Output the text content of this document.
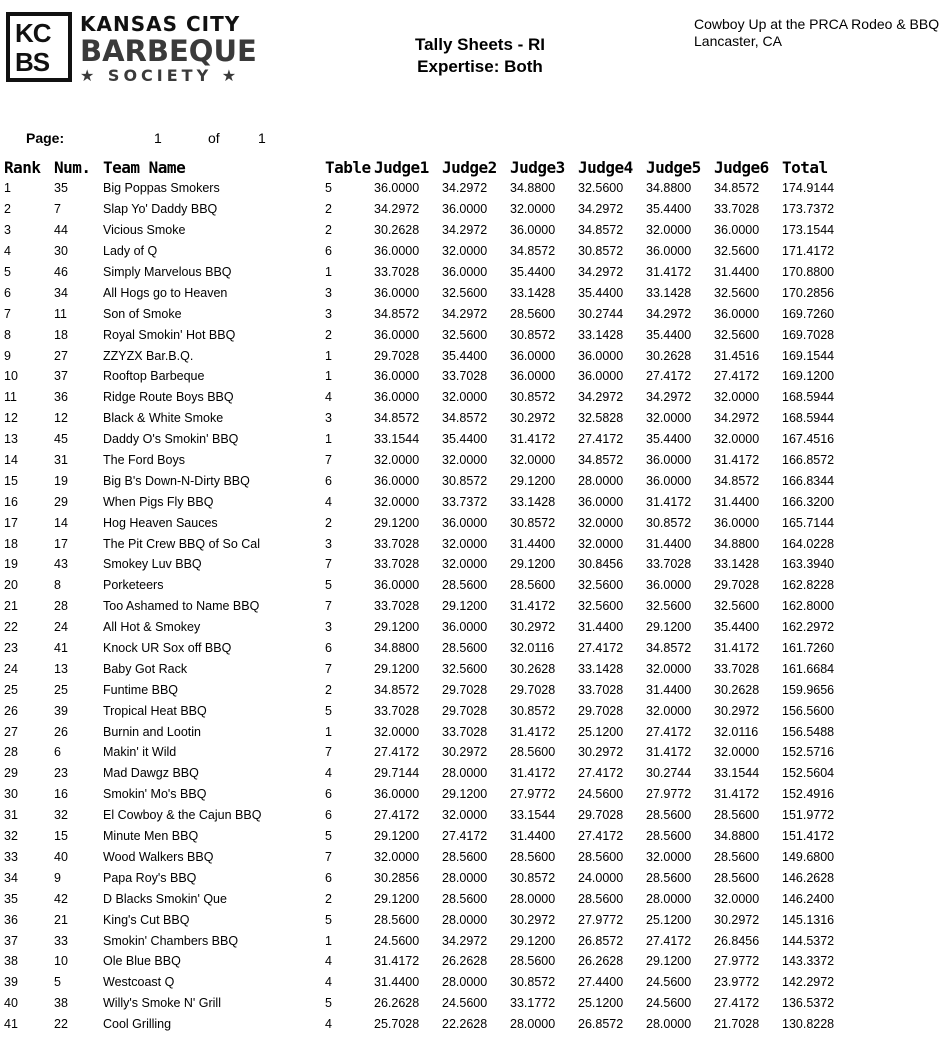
KC
BS
KANSAS CITY
BARBEQUE
★ SOCIETY ★
Tally Sheets - RI
Expertise: Both
Cowboy Up at the PRCA Rodeo & BBQ
Lancaster, CA
Page:	1	of	1
Rank	Num.	Team Name	Table	Judge1	Judge2	Judge3	Judge4	Judge5	Judge6	Total
1	35	Big Poppas Smokers	5	36.0000	34.2972	34.8800	32.5600	34.8800	34.8572	174.9144
2	7	Slap Yo' Daddy BBQ	2	34.2972	36.0000	32.0000	34.2972	35.4400	33.7028	173.7372
3	44	Vicious Smoke	2	30.2628	34.2972	36.0000	34.8572	32.0000	36.0000	173.1544
4	30	Lady of Q	6	36.0000	32.0000	34.8572	30.8572	36.0000	32.5600	171.4172
5	46	Simply Marvelous BBQ	1	33.7028	36.0000	35.4400	34.2972	31.4172	31.4400	170.8800
6	34	All Hogs go to Heaven	3	36.0000	32.5600	33.1428	35.4400	33.1428	32.5600	170.2856
7	11	Son of Smoke	3	34.8572	34.2972	28.5600	30.2744	34.2972	36.0000	169.7260
8	18	Royal Smokin' Hot BBQ	2	36.0000	32.5600	30.8572	33.1428	35.4400	32.5600	169.7028
9	27	ZZYZX Bar.B.Q.	1	29.7028	35.4400	36.0000	36.0000	30.2628	31.4516	169.1544
10	37	Rooftop Barbeque	1	36.0000	33.7028	36.0000	36.0000	27.4172	27.4172	169.1200
11	36	Ridge Route Boys BBQ	4	36.0000	32.0000	30.8572	34.2972	34.2972	32.0000	168.5944
12	12	Black & White Smoke	3	34.8572	34.8572	30.2972	32.5828	32.0000	34.2972	168.5944
13	45	Daddy O's Smokin' BBQ	1	33.1544	35.4400	31.4172	27.4172	35.4400	32.0000	167.4516
14	31	The Ford Boys	7	32.0000	32.0000	32.0000	34.8572	36.0000	31.4172	166.8572
15	19	Big B's Down-N-Dirty BBQ	6	36.0000	30.8572	29.1200	28.0000	36.0000	34.8572	166.8344
16	29	When Pigs Fly BBQ	4	32.0000	33.7372	33.1428	36.0000	31.4172	31.4400	166.3200
17	14	Hog Heaven Sauces	2	29.1200	36.0000	30.8572	32.0000	30.8572	36.0000	165.7144
18	17	The Pit Crew BBQ of So Cal	3	33.7028	32.0000	31.4400	32.0000	31.4400	34.8800	164.0228
19	43	Smokey Luv BBQ	7	33.7028	32.0000	29.1200	30.8456	33.7028	33.1428	163.3940
20	8	Porketeers	5	36.0000	28.5600	28.5600	32.5600	36.0000	29.7028	162.8228
21	28	Too Ashamed to Name BBQ	7	33.7028	29.1200	31.4172	32.5600	32.5600	32.5600	162.8000
22	24	All Hot & Smokey	3	29.1200	36.0000	30.2972	31.4400	29.1200	35.4400	162.2972
23	41	Knock UR Sox off BBQ	6	34.8800	28.5600	32.0116	27.4172	34.8572	31.4172	161.7260
24	13	Baby Got Rack	7	29.1200	32.5600	30.2628	33.1428	32.0000	33.7028	161.6684
25	25	Funtime BBQ	2	34.8572	29.7028	29.7028	33.7028	31.4400	30.2628	159.9656
26	39	Tropical Heat BBQ	5	33.7028	29.7028	30.8572	29.7028	32.0000	30.2972	156.5600
27	26	Burnin and Lootin	1	32.0000	33.7028	31.4172	25.1200	27.4172	32.0116	156.5488
28	6	Makin' it Wild	7	27.4172	30.2972	28.5600	30.2972	31.4172	32.0000	152.5716
29	23	Mad Dawgz BBQ	4	29.7144	28.0000	31.4172	27.4172	30.2744	33.1544	152.5604
30	16	Smokin' Mo's BBQ	6	36.0000	29.1200	27.9772	24.5600	27.9772	31.4172	152.4916
31	32	El Cowboy & the Cajun BBQ	6	27.4172	32.0000	33.1544	29.7028	28.5600	28.5600	151.9772
32	15	Minute Men BBQ	5	29.1200	27.4172	31.4400	27.4172	28.5600	34.8800	151.4172
33	40	Wood Walkers BBQ	7	32.0000	28.5600	28.5600	28.5600	32.0000	28.5600	149.6800
34	9	Papa Roy's BBQ	6	30.2856	28.0000	30.8572	24.0000	28.5600	28.5600	146.2628
35	42	D Blacks Smokin' Que	2	29.1200	28.5600	28.0000	28.5600	28.0000	32.0000	146.2400
36	21	King's Cut BBQ	5	28.5600	28.0000	30.2972	27.9772	25.1200	30.2972	145.1316
37	33	Smokin' Chambers BBQ	1	24.5600	34.2972	29.1200	26.8572	27.4172	26.8456	144.5372
38	10	Ole Blue BBQ	4	31.4172	26.2628	28.5600	26.2628	29.1200	27.9772	143.3372
39	5	Westcoast Q	4	31.4400	28.0000	30.8572	27.4400	24.5600	23.9772	142.2972
40	38	Willy's Smoke N' Grill	5	26.2628	24.5600	33.1772	25.1200	24.5600	27.4172	136.5372
41	22	Cool Grilling	4	25.7028	22.2628	28.0000	26.8572	28.0000	21.7028	130.8228
